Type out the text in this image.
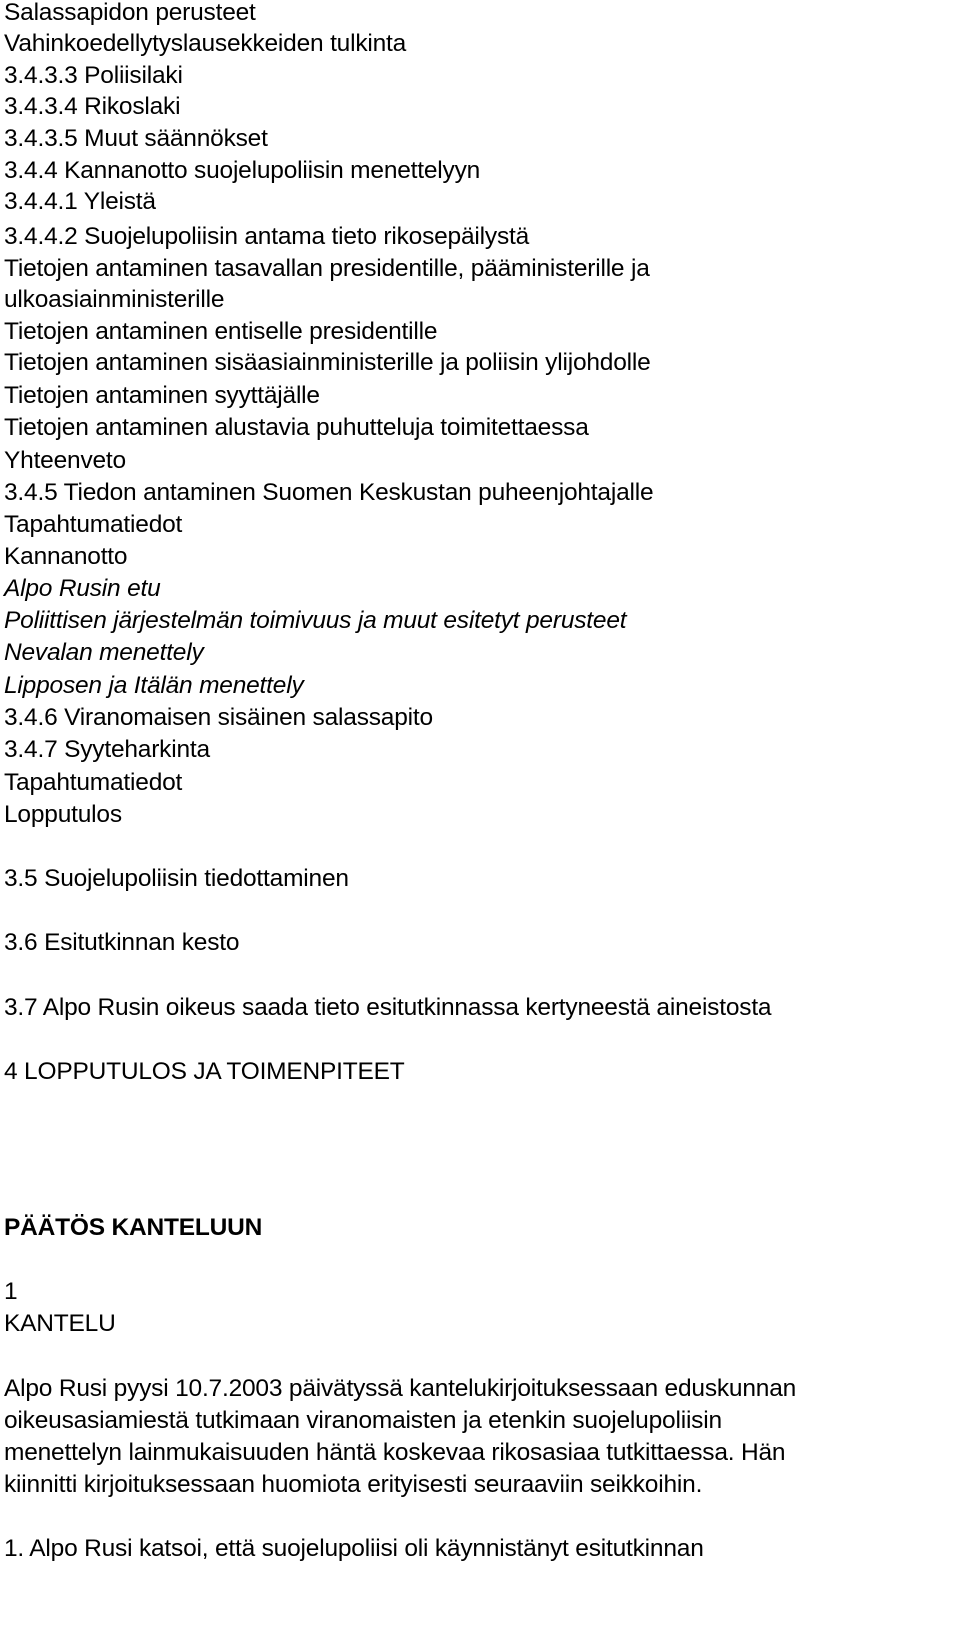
Salassapidon perusteet
Vahinkoedellytyslausekkeiden tulkinta
3.4.3.3 Poliisilaki
3.4.3.4 Rikoslaki
3.4.3.5 Muut säännökset
3.4.4 Kannanotto suojelupoliisin menettelyyn
3.4.4.1 Yleistä
3.4.4.2 Suojelupoliisin antama tieto rikosepäilystä
Tietojen antaminen tasavallan presidentille, pääministerille ja
ulkoasiainministerille
Tietojen antaminen entiselle presidentille
Tietojen antaminen sisäasiainministerille ja poliisin ylijohdolle
Tietojen antaminen syyttäjälle
Tietojen antaminen alustavia puhutteluja toimitettaessa
Yhteenveto
3.4.5 Tiedon antaminen Suomen Keskustan puheenjohtajalle
Tapahtumatiedot
Kannanotto
Alpo Rusin etu
Poliittisen järjestelmän toimivuus ja muut esitetyt perusteet
Nevalan menettely
Lipposen ja Itälän menettely
3.4.6 Viranomaisen sisäinen salassapito
3.4.7 Syyteharkinta
Tapahtumatiedot
Lopputulos
3.5 Suojelupoliisin tiedottaminen
3.6 Esitutkinnan kesto
3.7 Alpo Rusin oikeus saada tieto esitutkinnassa kertyneestä aineistosta
4 LOPPUTULOS JA TOIMENPITEET
PÄÄTÖS KANTELUUN
1
KANTELU
Alpo Rusi pyysi 10.7.2003 päivätyssä kantelukirjoituksessaan eduskunnan
oikeusasiamiestä tutkimaan viranomaisten ja etenkin suojelupoliisin
menettelyn lainmukaisuuden häntä koskevaa rikosasiaa tutkittaessa. Hän
kiinnitti kirjoituksessaan huomiota erityisesti seuraaviin seikkoihin.
1. Alpo Rusi katsoi, että suojelupoliisi oli käynnistänyt esitutkinnan
